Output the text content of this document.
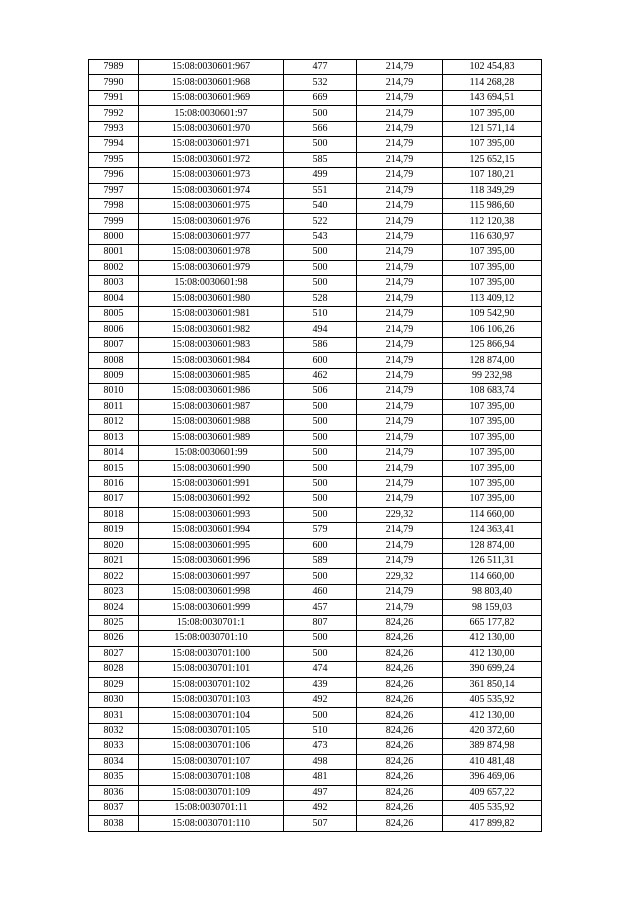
7989	15:08:0030601:967	477	214,79	102 454,83
7990	15:08:0030601:968	532	214,79	114 268,28
7991	15:08:0030601:969	669	214,79	143 694,51
7992	15:08:0030601:97	500	214,79	107 395,00
7993	15:08:0030601:970	566	214,79	121 571,14
7994	15:08:0030601:971	500	214,79	107 395,00
7995	15:08:0030601:972	585	214,79	125 652,15
7996	15:08:0030601:973	499	214,79	107 180,21
7997	15:08:0030601:974	551	214,79	118 349,29
7998	15:08:0030601:975	540	214,79	115 986,60
7999	15:08:0030601:976	522	214,79	112 120,38
8000	15:08:0030601:977	543	214,79	116 630,97
8001	15:08:0030601:978	500	214,79	107 395,00
8002	15:08:0030601:979	500	214,79	107 395,00
8003	15:08:0030601:98	500	214,79	107 395,00
8004	15:08:0030601:980	528	214,79	113 409,12
8005	15:08:0030601:981	510	214,79	109 542,90
8006	15:08:0030601:982	494	214,79	106 106,26
8007	15:08:0030601:983	586	214,79	125 866,94
8008	15:08:0030601:984	600	214,79	128 874,00
8009	15:08:0030601:985	462	214,79	99 232,98
8010	15:08:0030601:986	506	214,79	108 683,74
8011	15:08:0030601:987	500	214,79	107 395,00
8012	15:08:0030601:988	500	214,79	107 395,00
8013	15:08:0030601:989	500	214,79	107 395,00
8014	15:08:0030601:99	500	214,79	107 395,00
8015	15:08:0030601:990	500	214,79	107 395,00
8016	15:08:0030601:991	500	214,79	107 395,00
8017	15:08:0030601:992	500	214,79	107 395,00
8018	15:08:0030601:993	500	229,32	114 660,00
8019	15:08:0030601:994	579	214,79	124 363,41
8020	15:08:0030601:995	600	214,79	128 874,00
8021	15:08:0030601:996	589	214,79	126 511,31
8022	15:08:0030601:997	500	229,32	114 660,00
8023	15:08:0030601:998	460	214,79	98 803,40
8024	15:08:0030601:999	457	214,79	98 159,03
8025	15:08:0030701:1	807	824,26	665 177,82
8026	15:08:0030701:10	500	824,26	412 130,00
8027	15:08:0030701:100	500	824,26	412 130,00
8028	15:08:0030701:101	474	824,26	390 699,24
8029	15:08:0030701:102	439	824,26	361 850,14
8030	15:08:0030701:103	492	824,26	405 535,92
8031	15:08:0030701:104	500	824,26	412 130,00
8032	15:08:0030701:105	510	824,26	420 372,60
8033	15:08:0030701:106	473	824,26	389 874,98
8034	15:08:0030701:107	498	824,26	410 481,48
8035	15:08:0030701:108	481	824,26	396 469,06
8036	15:08:0030701:109	497	824,26	409 657,22
8037	15:08:0030701:11	492	824,26	405 535,92
8038	15:08:0030701:110	507	824,26	417 899,82
